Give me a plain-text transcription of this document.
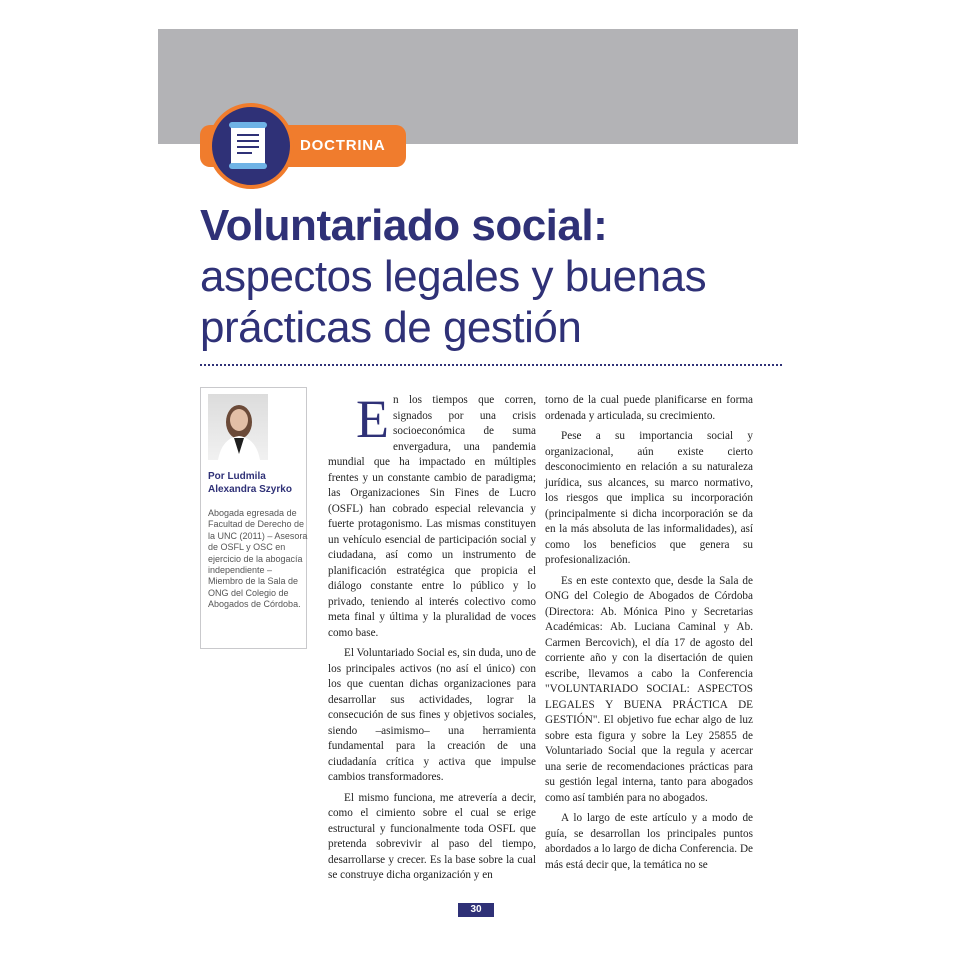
DOCTRINA
Voluntariado social:
aspectos legales y buenas
prácticas de gestión
Por Ludmila Alexandra Szyrko
Abogada egresada de Facultad de Derecho de la UNC (2011) – Asesora de OSFL y OSC en ejercicio de la abogacía independiente – Miembro de la Sala de ONG del Colegio de Abogados de Córdoba.

En los tiempos que corren, signados por una crisis socioeconómica de suma envergadura, una pandemia mundial que ha impactado en múltiples frentes y un constante cambio de paradigma; las Organizaciones Sin Fines de Lucro (OSFL) han cobrado especial relevancia y fuerte protagonismo. Las mismas constituyen un vehículo esencial de participación social y ciudadana, así como un instrumento de planificación estratégica que propicia el diálogo constante entre lo público y lo privado, teniendo al interés colectivo como meta final y última y la pluralidad de voces como base.

El Voluntariado Social es, sin duda, uno de los principales activos (no así el único) con los que cuentan dichas organizaciones para desarrollar sus actividades, lograr la consecución de sus fines y objetivos sociales, siendo –asimismo– una herramienta fundamental para la creación de una ciudadanía crítica y activa que impulse cambios transformadores.

El mismo funciona, me atrevería a decir, como el cimiento sobre el cual se erige estructural y funcionalmente toda OSFL que pretenda sobrevivir al paso del tiempo, desarrollarse y crecer. Es la base sobre la cual se construye dicha organización y en

torno de la cual puede planificarse en forma ordenada y articulada, su crecimiento.

Pese a su importancia social y organizacional, aún existe cierto desconocimiento en relación a su naturaleza jurídica, sus alcances, su marco normativo, los riesgos que implica su incorporación (principalmente si dicha incorporación se da en la más absoluta de las informalidades), así como los beneficios que genera su profesionalización.

Es en este contexto que, desde la Sala de ONG del Colegio de Abogados de Córdoba (Directora: Ab. Mónica Pino y Secretarias Académicas: Ab. Luciana Caminal y Ab. Carmen Bercovich), el día 17 de agosto del corriente año y con la disertación de quien escribe, llevamos a cabo la Conferencia "VOLUNTARIADO SOCIAL: ASPECTOS LEGALES Y BUENA PRÁCTICA DE GESTIÓN". El objetivo fue echar algo de luz sobre esta figura y sobre la Ley 25855 de Voluntariado Social que la regula y acercar una serie de recomendaciones prácticas para su gestión legal interna, tanto para abogados como así también para no abogados.

A lo largo de este artículo y a modo de guía, se desarrollan los principales puntos abordados a lo largo de dicha Conferencia. De más está decir que, la temática no se

30
